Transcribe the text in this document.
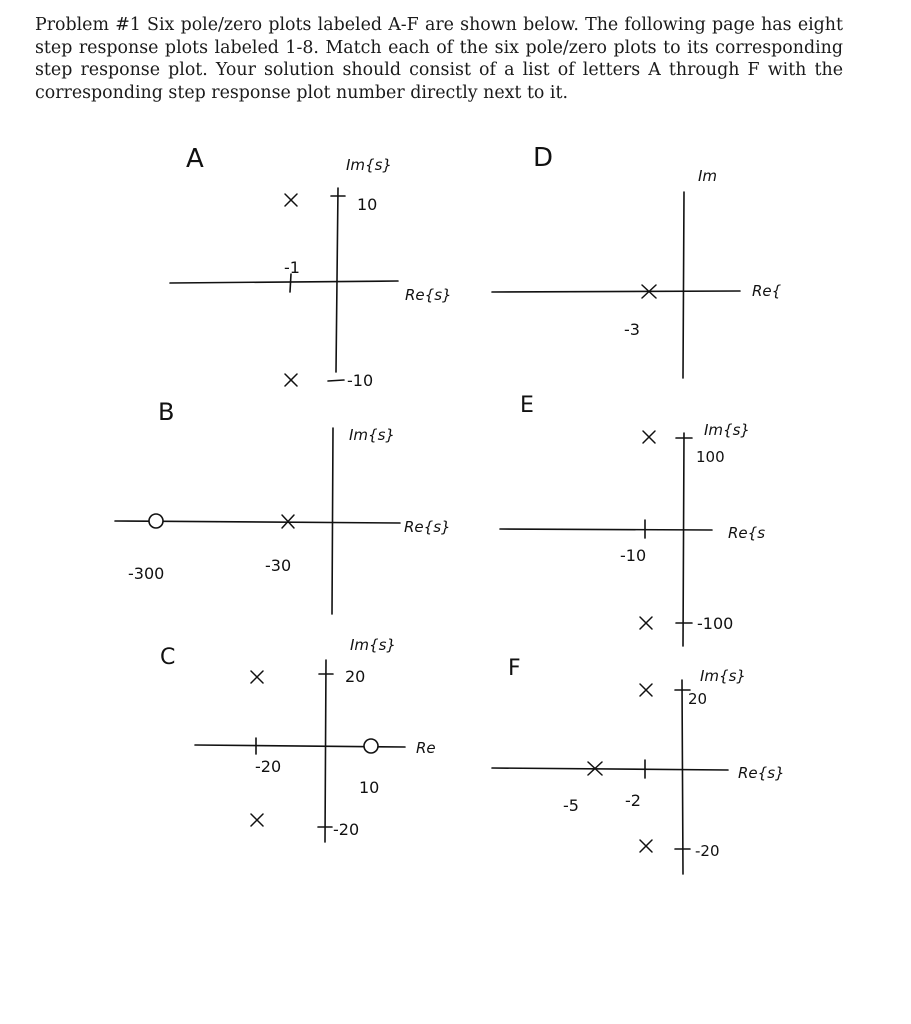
Problem #1 Six pole/zero plots labeled A-F are shown below. The following page has eight step response plots labeled 1-8. Match each of the six pole/zero plots to its corresponding step response plot. Your solution should consist of a list of letters A through F with the corresponding step response plot number directly next to it.

A	Im{s}
Re{s}
10
-1
-10
B
Im{s}
Re{s}
-300	-30
C	Im{s}
Re
20
-20
10
-20
D
Im
Re{
-3
E
Im{s}
Re{s
100
-10
-100
F	Im{s}
Re{s}
20
-5	-2
-20
